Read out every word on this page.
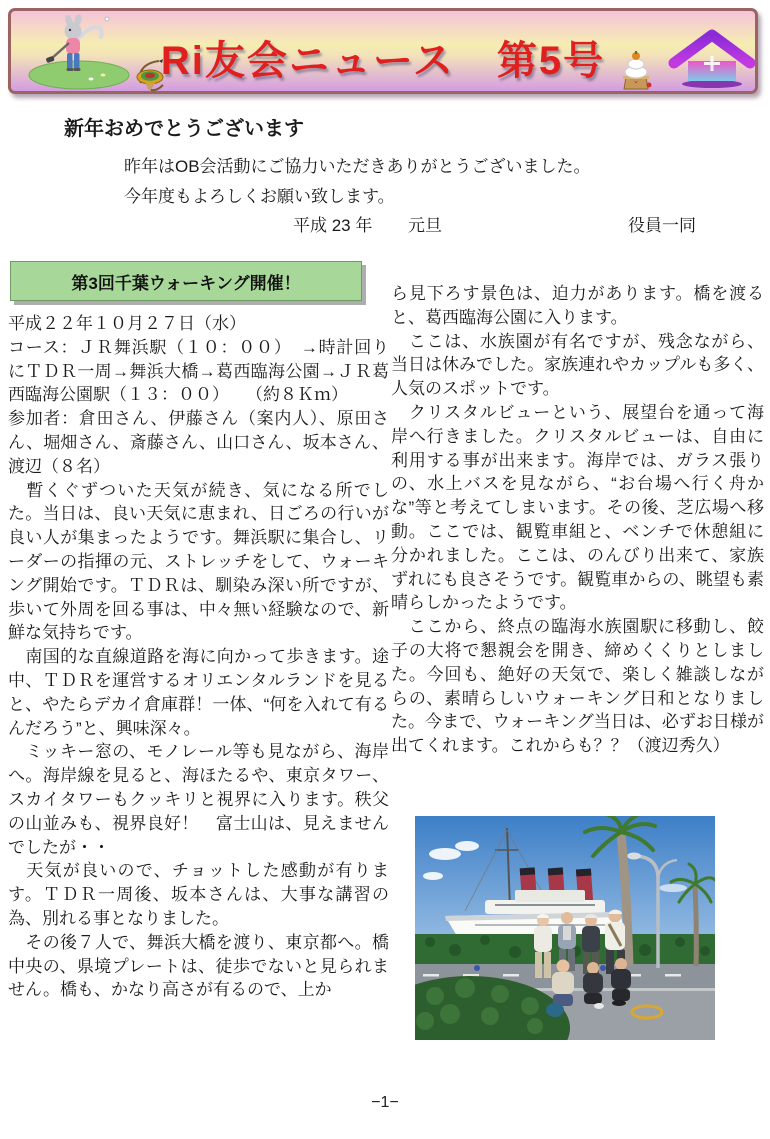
Ri友会ニュース　第5号
新年おめでとうございます
昨年はOB会活動にご協力いただきありがとうございました。
今年度もよろしくお願い致します。
平成 23 年 元旦	役員一同
第3回千葉ウォーキング開催！

平成２２年１０月２７日（水）

コース：ＪＲ舞浜駅（１０：００）　→時計回りにＴＤＲ一周→舞浜大橋→葛西臨海公園→ＪＲ葛西臨海公園駅（１３：００）　　（約８Ｋｍ）

参加者：倉田さん、伊藤さん（案内人）、原田さん、堀畑さん、斎藤さん、山口さん、坂本さん、渡辺（８名）

　暫くぐずついた天気が続き、気になる所でした。当日は、良い天気に恵まれ、日ごろの行いが良い人が集まったようです。舞浜駅に集合し、リーダーの指揮の元、ストレッチをして、ウォーキング開始です。ＴＤＲは、馴染み深い所ですが、歩いて外周を回る事は、中々無い経験なので、新鮮な気持ちです。

　南国的な直線道路を海に向かって歩きます。途中、ＴＤＲを運営するオリエンタルランドを見ると、やたらデカイ倉庫群！一体、“何を入れて有るんだろう”と、興味深々。

　ミッキー窓の、モノレール等も見ながら、海岸へ。海岸線を見ると、海ほたるや、東京タワー、スカイタワーもクッキリと視界に入ります。秩父の山並みも、視界良好！　富士山は、見えませんでしたが・・

　天気が良いので、チョットした感動が有ります。ＴＤＲ一周後、坂本さんは、大事な講習の為、別れる事となりました。

　その後７人で、舞浜大橋を渡り、東京都へ。橋中央の、県境プレートは、徒歩でないと見られません。橋も、かなり高さが有るので、上か

ら見下ろす景色は、迫力があります。橋を渡ると、葛西臨海公園に入ります。

　ここは、水族園が有名ですが、残念ながら、当日は休みでした。家族連れやカップルも多く、人気のスポットです。

　クリスタルビューという、展望台を通って海岸へ行きました。クリスタルビューは、自由に利用する事が出来ます。海岸では、ガラス張りの、水上バスを見ながら、“お台場へ行く舟かな”等と考えてしまいます。その後、芝広場へ移動。ここでは、観覧車組と、ベンチで休憩組に分かれました。ここは、のんびり出来て、家族ずれにも良さそうです。観覧車からの、眺望も素晴らしかったようです。

　ここから、終点の臨海水族園駅に移動し、餃子の大将で懇親会を開き、締めくくりとしました。今回も、絶好の天気で、楽しく雑談しながらの、素晴らしいウォーキング日和となりました。今まで、ウォーキング当日は、必ずお日様が出てくれます。これからも？？（渡辺秀久）

−1−
